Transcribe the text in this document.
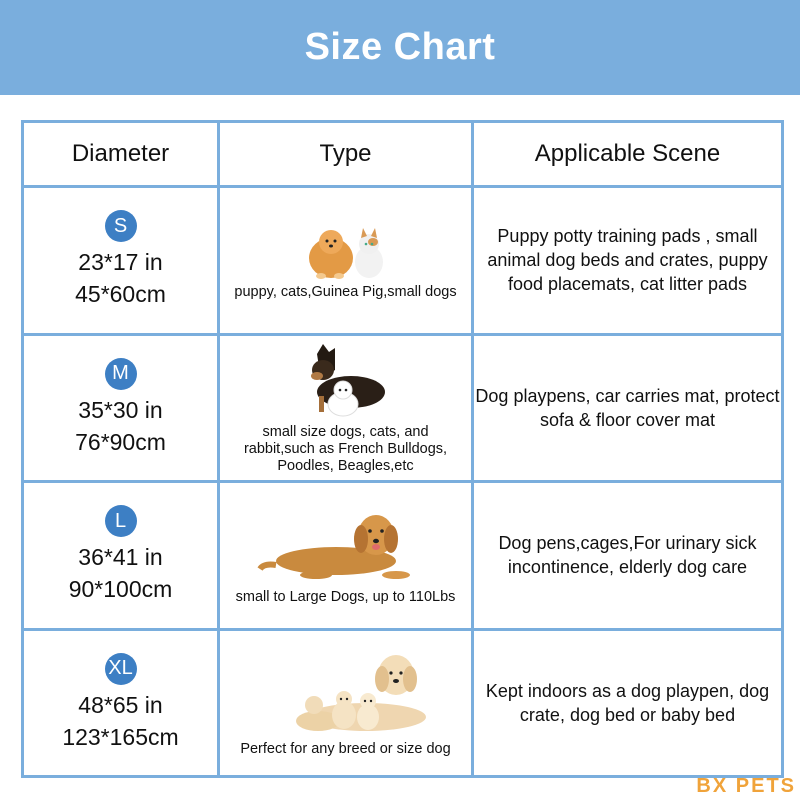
Size Chart
Diameter	Type	Applicable Scene
S
23*17 in
45*60cm	puppy, cats,Guinea Pig,small dogs	Puppy potty training pads , small animal dog beds and crates, puppy food placemats, cat litter pads
M
35*30 in
76*90cm	small size dogs, cats, and rabbit,such as French Bulldogs, Poodles, Beagles,etc	Dog playpens, car carries mat, protect sofa & floor cover mat
L
36*41 in
90*100cm	small to Large Dogs, up to 110Lbs	Dog pens,cages,For urinary sick incontinence, elderly dog care
XL
48*65 in
123*165cm	Perfect for any breed or size dog	Kept indoors as a dog playpen, dog crate, dog bed or baby bed
BX PETS
